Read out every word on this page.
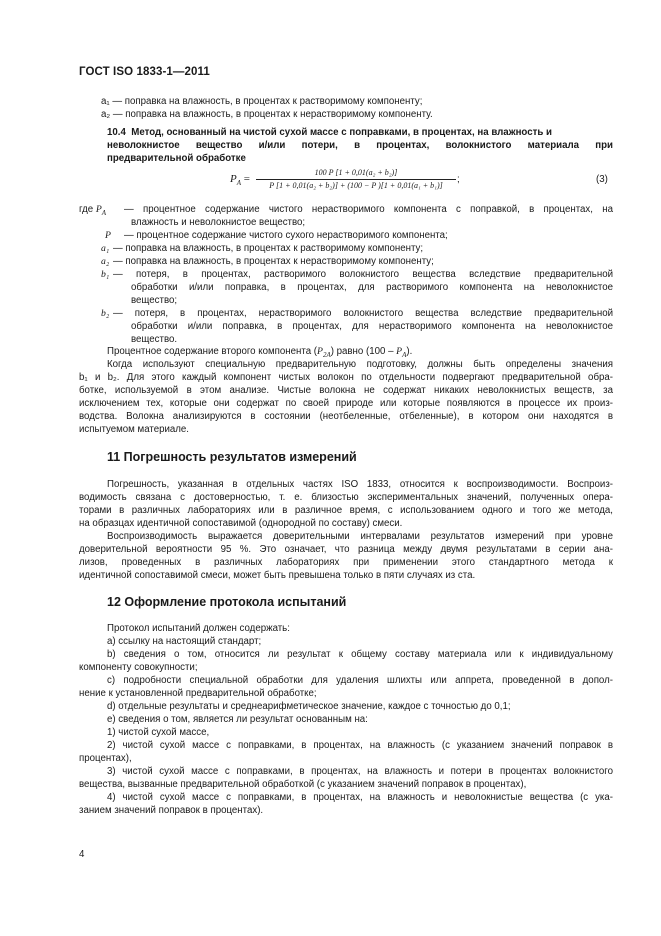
ГОСТ ISO 1833-1—2011
a₁ — поправка на влажность, в процентах к растворимому компоненту;
a₂ — поправка на влажность, в процентах к нерастворимому компоненту.
10.4 Метод, основанный на чистой сухой массе с поправками, в процентах, на влажность и
неволокнистое вещество и/или потери, в процентах, волокнистого материала при
предварительной обработке
$P_A$ =
100 P [1 + 0,01(a₂ + b₂)]
P [1 + 0,01(a₂ + b₂)] + (100 − P )[1 + 0,01(a₁ + b₁)]
;	(3)
где $P_A$ — процентное содержание чистого нерастворимого компонента с поправкой, в процентах, на
влажность и неволокнистое вещество;
P — процентное содержание чистого сухого нерастворимого компонента;
a₁ — поправка на влажность, в процентах к растворимому компоненту;
a₂ — поправка на влажность, в процентах к нерастворимому компоненту;
b₁ — потеря, в процентах, растворимого волокнистого вещества вследствие предварительной
обработки и/или поправка, в процентах, для растворимого компонента на неволокнистое
вещество;
b₂ — потеря, в процентах, нерастворимого волокнистого вещества вследствие предварительной
обработки и/или поправка, в процентах, для нерастворимого компонента на неволокнистое
вещество.
Процентное содержание второго компонента $(P_{2A})$ равно $(100 - P_A)$.
Когда используют специальную предварительную подготовку, должны быть определены значения
b₁ и b₂. Для этого каждый компонент чистых волокон по отдельности подвергают предварительной обра-
ботке, используемой в этом анализе. Чистые волокна не содержат никаких неволокнистых веществ, за
исключением тех, которые они содержат по своей природе или которые появляются в процессе их произ-
водства. Волокна анализируются в состоянии (неотбеленные, отбеленные), в котором они находятся в
испытуемом материале.
11 Погрешность результатов измерений
Погрешность, указанная в отдельных частях ISO 1833, относится к воспроизводимости. Воспроиз-
водимость связана с достоверностью, т. е. близостью экспериментальных значений, полученных опера-
торами в различных лабораториях или в различное время, с использованием одного и того же метода,
на образцах идентичной сопоставимой (однородной по составу) смеси.
Воспроизводимость выражается доверительными интервалами результатов измерений при уровне
доверительной вероятности 95 %. Это означает, что разница между двумя результатами в серии ана-
лизов, проведенных в различных лабораториях при применении этого стандартного метода к
идентичной сопоставимой смеси, может быть превышена только в пяти случаях из ста.
12 Оформление протокола испытаний
Протокол испытаний должен содержать:
a) ссылку на настоящий стандарт;
b) сведения о том, относится ли результат к общему составу материала или к индивидуальному
компоненту совокупности;
c) подробности специальной обработки для удаления шлихты или аппрета, проведенной в допол-
нение к установленной предварительной обработке;
d) отдельные результаты и среднеарифметическое значение, каждое с точностью до 0,1;
e) сведения о том, является ли результат основанным на:
1) чистой сухой массе,
2) чистой сухой массе с поправками, в процентах, на влажность (с указанием значений поправок в
процентах),
3) чистой сухой массе с поправками, в процентах, на влажность и потери в процентах волокнистого
вещества, вызванные предварительной обработкой (с указанием значений поправок в процентах),
4) чистой сухой массе с поправками, в процентах, на влажность и неволокнистые вещества (с ука-
занием значений поправок в процентах).
4
